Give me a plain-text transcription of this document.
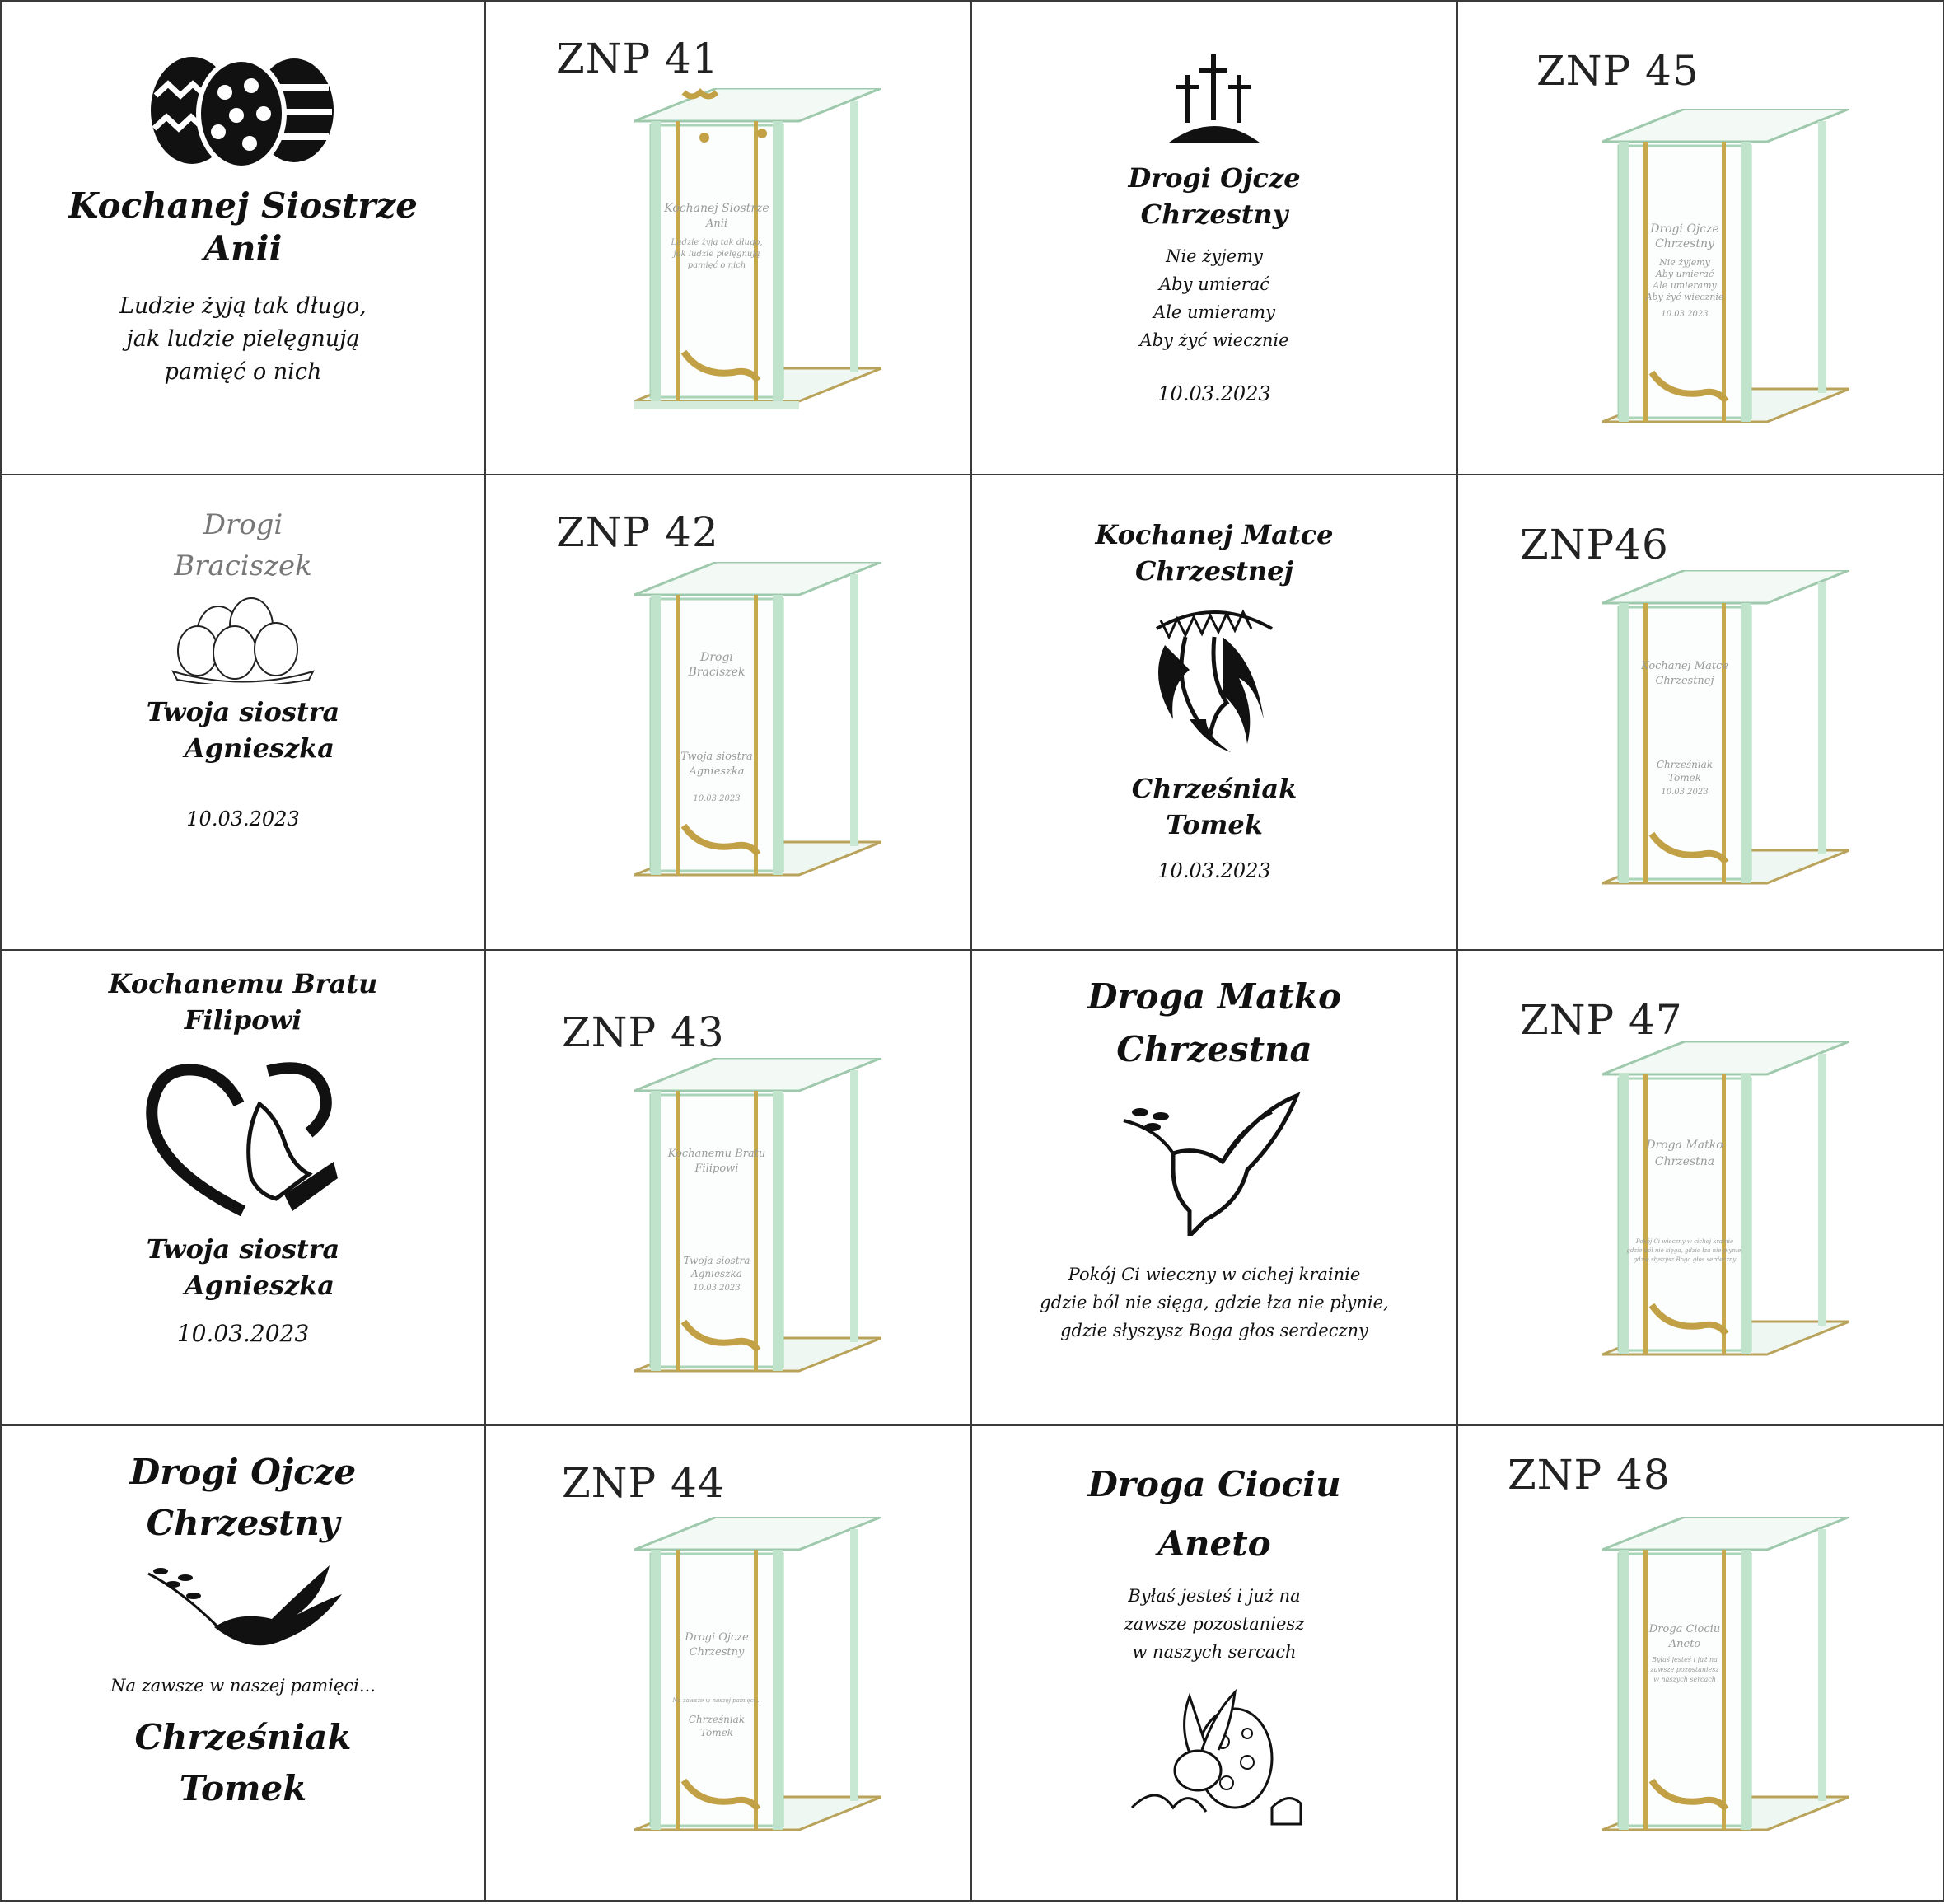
Kochanej Siostrze
Anii
Ludzie żyją tak długo,
jak ludzie pielęgnują
pamięć o nich
ZNP 41
Kochanej Siostrze
Anii
Ludzie żyją tak długo,
jak ludzie pielęgnują
pamięć o nich
Drogi Ojcze
Chrzestny
Nie żyjemy
Aby umierać
Ale umieramy
Aby żyć wiecznie
10.03.2023
ZNP 45
Drogi Ojcze
Chrzestny
Nie żyjemy
Aby umierać
Ale umieramy
Aby żyć wiecznie
10.03.2023
Drogi
Braciszek
Twoja siostra
Agnieszka
10.03.2023
ZNP 42
Drogi
Braciszek
Twoja siostra
Agnieszka
10.03.2023
Kochanej Matce
Chrzestnej
Chrześniak
Tomek
10.03.2023
ZNP46
Kochanej Matce
Chrzestnej
Chrześniak
Tomek
10.03.2023
Kochanemu Bratu
Filipowi
Twoja siostra
Agnieszka
10.03.2023
ZNP 43
Kochanemu Bratu
Filipowi
Twoja siostra
Agnieszka
10.03.2023
Droga Matko
Chrzestna
Pokój Ci wieczny w cichej krainie
gdzie ból nie sięga, gdzie łza nie płynie,
gdzie słyszysz Boga głos serdeczny
ZNP 47
Droga Matko
Chrzestna
Pokój Ci wieczny w cichej krainie
gdzie ból nie sięga, gdzie łza nie płynie,
gdzie słyszysz Boga głos serdeczny
Drogi Ojcze
Chrzestny
Na zawsze w naszej pamięci...
Chrześniak
Tomek
ZNP 44
Drogi Ojcze
Chrzestny
Na zawsze w naszej pamięci...
Chrześniak
Tomek
Droga Ciociu
Aneto
Byłaś jesteś i już na
zawsze pozostaniesz
w naszych sercach
ZNP 48
Droga Ciociu
Aneto
Byłaś jesteś i już na
zawsze pozostaniesz
w naszych sercach
